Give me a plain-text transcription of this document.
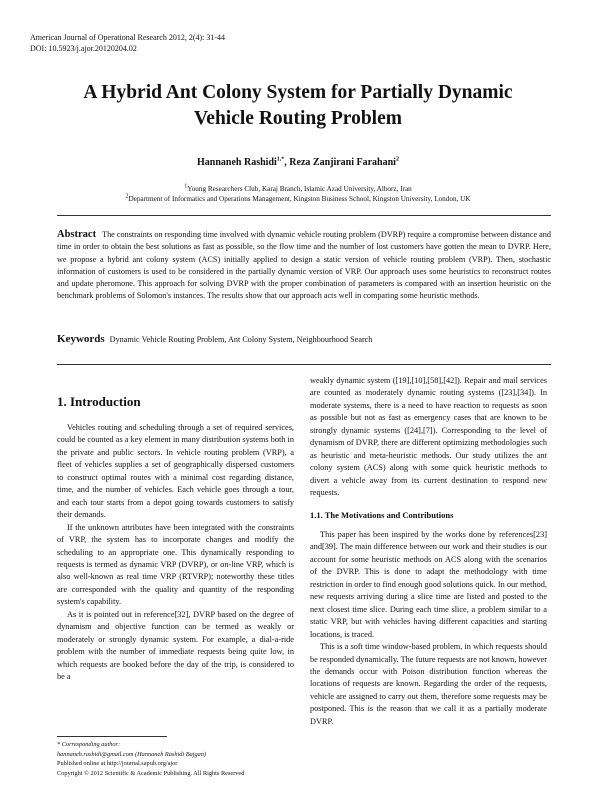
American Journal of Operational Research 2012, 2(4): 31-44
DOI: 10.5923/j.ajor.20120204.02
A Hybrid Ant Colony System for Partially Dynamic
Vehicle Routing Problem
Hannaneh Rashidi$^{1,*}$, Reza Zanjirani Farahani$^2$
$^1$Young Researchers Club, Karaj Branch, Islamic Azad University, Alborz, Iran
$^2$Department of Informatics and Operations Management, Kingston Business School, Kingston University, London, UK
Abstract The constraints on responding time involved with dynamic vehicle routing problem (DVRP) require a compromise between distance and time in order to obtain the best solutions as fast as possible, so the flow time and the number of lost customers have gotten the mean to DVRP. Here, we propose a hybrid ant colony system (ACS) initially applied to design a static version of vehicle routing problem (VRP). Then, stochastic information of customers is used to be considered in the partially dynamic version of VRP. Our approach uses some heuristics to reconstruct routes and update pheromone. This approach for solving DVRP with the proper combination of parameters is compared with an insertion heuristic on the benchmark problems of Solomon's instances. The results show that our approach acts well in comparing some heuristic methods.
Keywords Dynamic Vehicle Routing Problem, Ant Colony System, Neighbourhood Search
1. Introduction

Vehicles routing and scheduling through a set of required services, could be counted as a key element in many distribution systems both in the private and public sectors. In vehicle routing problem (VRP), a fleet of vehicles supplies a set of geographically dispersed customers to construct optimal routes with a minimal cost regarding distance, time, and the number of vehicles. Each vehicle goes through a tour, and each tour starts from a depot going towards customers to satisfy their demands.

If the unknown attributes have been integrated with the constraints of VRP, the system has to incorporate changes and modify the scheduling to an appropriate one. This dynamically responding to requests is termed as dynamic VRP (DVRP), or on-line VRP, which is also well-known as real time VRP (RTVRP); noteworthy these titles are corresponded with the quality and quantity of the responding system's capability.

As it is pointed out in reference[32], DVRP based on the degree of dynamism and objective function can be termed as weakly or moderately or strongly dynamic system. For example, a dial-a-ride problem with the number of immediate requests being quite low, in which requests are booked before the day of the trip, is considered to be a

weakly dynamic system ([19],[10],[58],[42]). Repair and mail services are counted as moderately dynamic routing systems ([23],[34]). In moderate systems, there is a need to have reaction to requests as soon as possible but not as fast as emergency cases that are known to be strongly dynamic systems ([24],[7]). Corresponding to the level of dynamism of DVRP, there are different optimizing methodologies such as heuristic and meta-heuristic methods. Our study utilizes the ant colony system (ACS) along with some quick heuristic methods to divert a vehicle away from its current destination to respond new requests.

1.1. The Motivations and Contributions

This paper has been inspired by the works done by references[23] and[39]. The main difference between our work and their studies is our account for some heuristic methods on ACS along with the scenarios of the DVRP. This is done to adapt the methodology with time restriction in order to find enough good solutions quick. In our method, new requests arriving during a slice time are listed and posted to the next closest time slice. During each time slice, a problem similar to a static VRP, but with vehicles having different capacities and starting locations, is traced.

This is a soft time window-based problem, in which requests should be responded dynamically. The future requests are not known, however the demands occur with Poison distribution function whereas the locations of requests are known. Regarding the order of the requests, vehicle are assigned to carry out them, therefore some requests may be postponed. This is the reason that we call it as a partially moderate DVRP.

* Corresponding author:
hannaneh.rashidi@gmail.com (Hannaneh Rashidi Bajgan)
Published online at http://journal.sapub.org/ajor
Copyright © 2012 Scientific & Academic Publishing. All Rights Reserved
